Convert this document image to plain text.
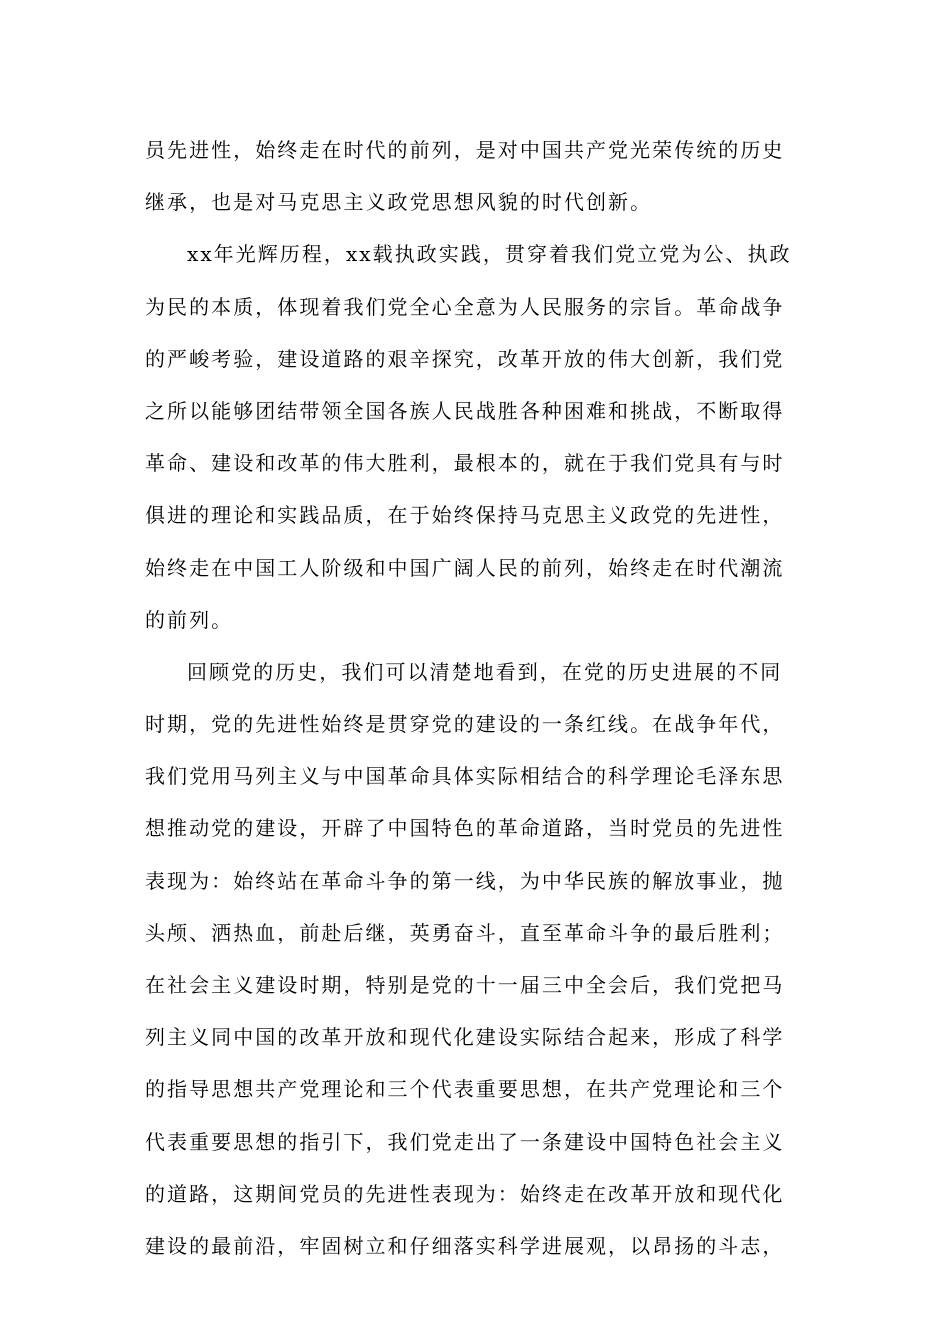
员先进性，始终走在时代的前列，是对中国共产党光荣传统的历史
继承，也是对马克思主义政党思想风貌的时代创新。
xx年光辉历程，xx载执政实践，贯穿着我们党立党为公、执政
为民的本质，体现着我们党全心全意为人民服务的宗旨。革命战争
的严峻考验，建设道路的艰辛探究，改革开放的伟大创新，我们党
之所以能够团结带领全国各族人民战胜各种困难和挑战，不断取得
革命、建设和改革的伟大胜利，最根本的，就在于我们党具有与时
俱进的理论和实践品质，在于始终保持马克思主义政党的先进性，
始终走在中国工人阶级和中国广阔人民的前列，始终走在时代潮流
的前列。
回顾党的历史，我们可以清楚地看到，在党的历史进展的不同
时期，党的先进性始终是贯穿党的建设的一条红线。在战争年代，
我们党用马列主义与中国革命具体实际相结合的科学理论毛泽东思
想推动党的建设，开辟了中国特色的革命道路，当时党员的先进性
表现为：始终站在革命斗争的第一线，为中华民族的解放事业，抛
头颅、洒热血，前赴后继，英勇奋斗，直至革命斗争的最后胜利；
在社会主义建设时期，特别是党的十一届三中全会后，我们党把马
列主义同中国的改革开放和现代化建设实际结合起来，形成了科学
的指导思想共产党理论和三个代表重要思想，在共产党理论和三个
代表重要思想的指引下，我们党走出了一条建设中国特色社会主义
的道路，这期间党员的先进性表现为：始终走在改革开放和现代化
建设的最前沿，牢固树立和仔细落实科学进展观，以昂扬的斗志，
